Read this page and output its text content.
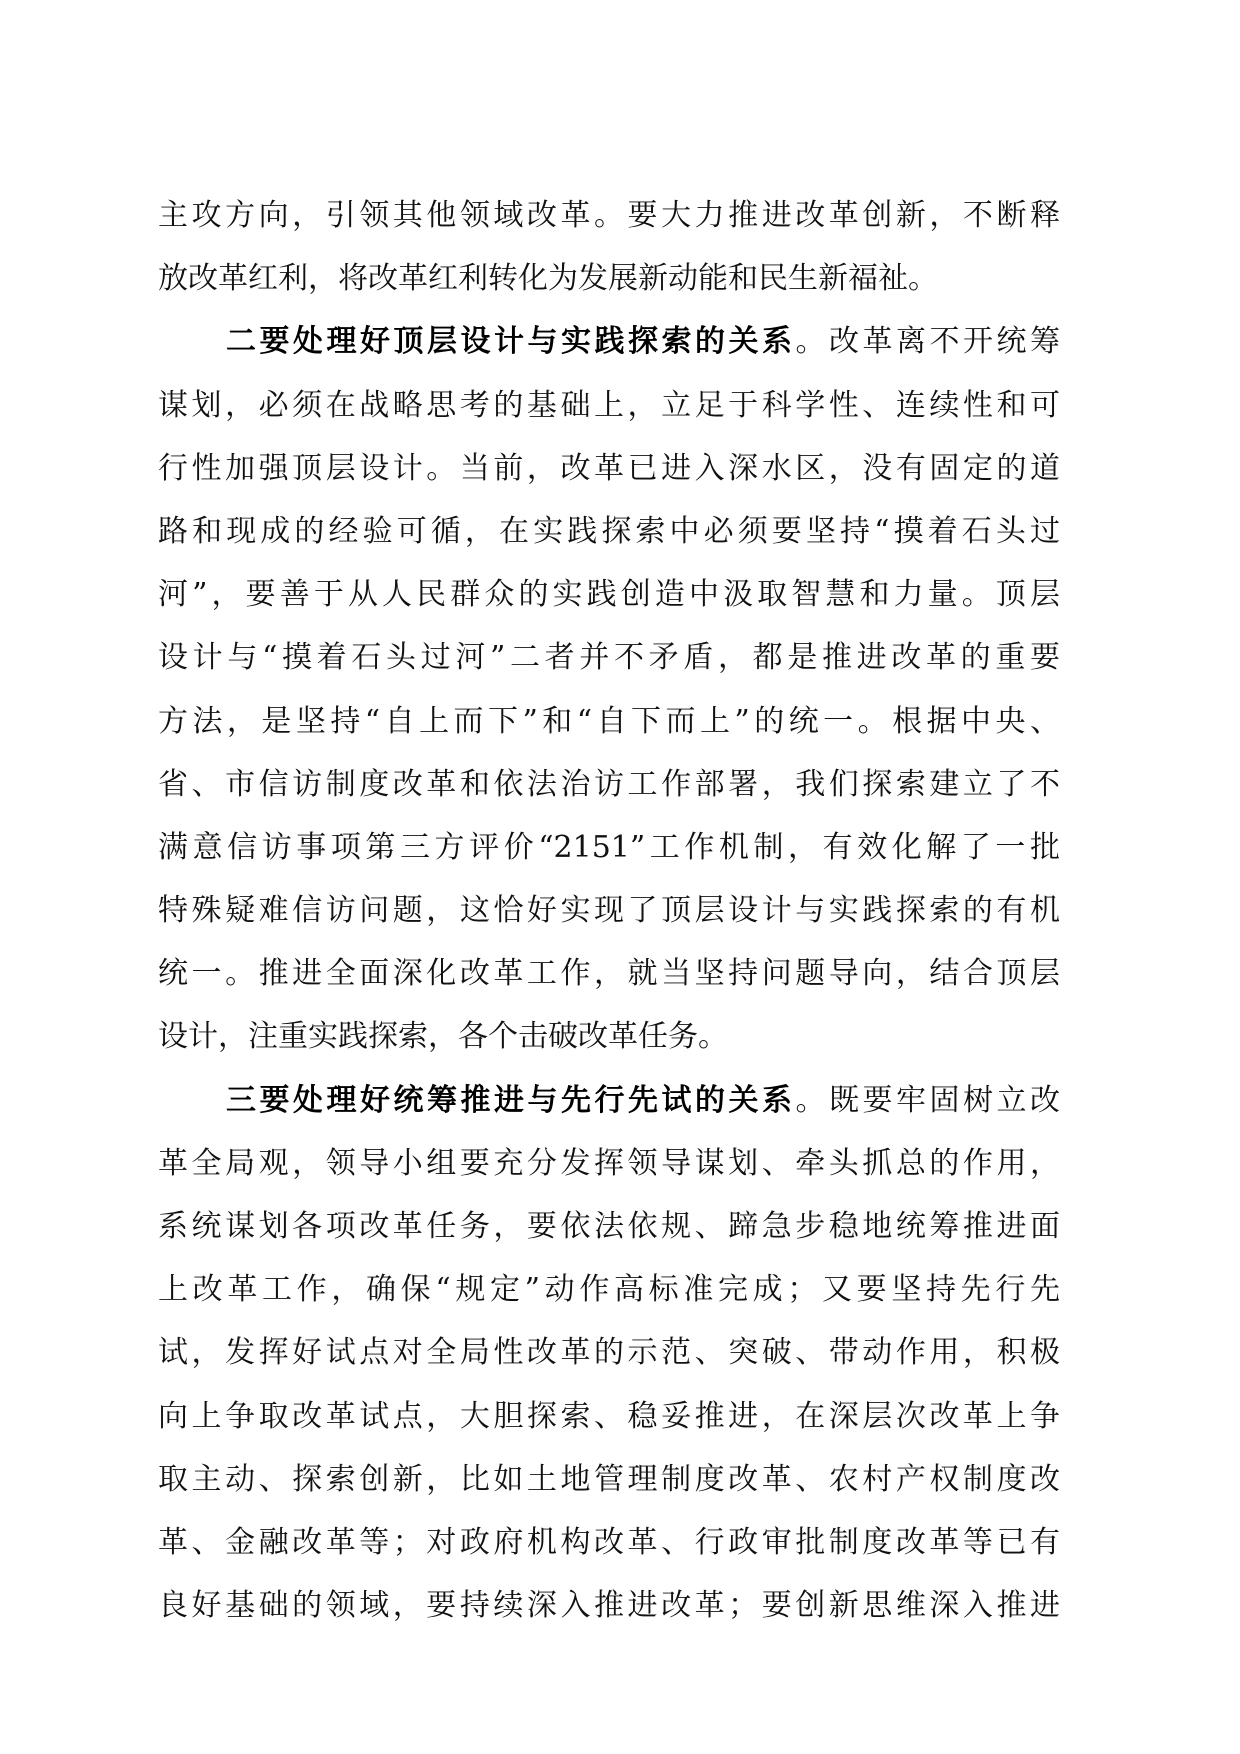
主攻方向，引领其他领域改革。要大力推进改革创新，不断释
放改革红利，将改革红利转化为发展新动能和民生新福祉。
二要处理好顶层设计与实践探索的关系。改革离不开统筹
谋划，必须在战略思考的基础上，立足于科学性、连续性和可
行性加强顶层设计。当前，改革已进入深水区，没有固定的道
路和现成的经验可循，在实践探索中必须要坚持“摸着石头过
河”，要善于从人民群众的实践创造中汲取智慧和力量。顶层
设计与“摸着石头过河”二者并不矛盾，都是推进改革的重要
方法，是坚持“自上而下”和“自下而上”的统一。根据中央、
省、市信访制度改革和依法治访工作部署，我们探索建立了不
满意信访事项第三方评价“2151”工作机制，有效化解了一批
特殊疑难信访问题，这恰好实现了顶层设计与实践探索的有机
统一。推进全面深化改革工作，就当坚持问题导向，结合顶层
设计，注重实践探索，各个击破改革任务。
三要处理好统筹推进与先行先试的关系。既要牢固树立改
革全局观，领导小组要充分发挥领导谋划、牵头抓总的作用，
系统谋划各项改革任务，要依法依规、蹄急步稳地统筹推进面
上改革工作，确保“规定”动作高标准完成；又要坚持先行先
试，发挥好试点对全局性改革的示范、突破、带动作用，积极
向上争取改革试点，大胆探索、稳妥推进，在深层次改革上争
取主动、探索创新，比如土地管理制度改革、农村产权制度改
革、金融改革等；对政府机构改革、行政审批制度改革等已有
良好基础的领域，要持续深入推进改革；要创新思维深入推进
